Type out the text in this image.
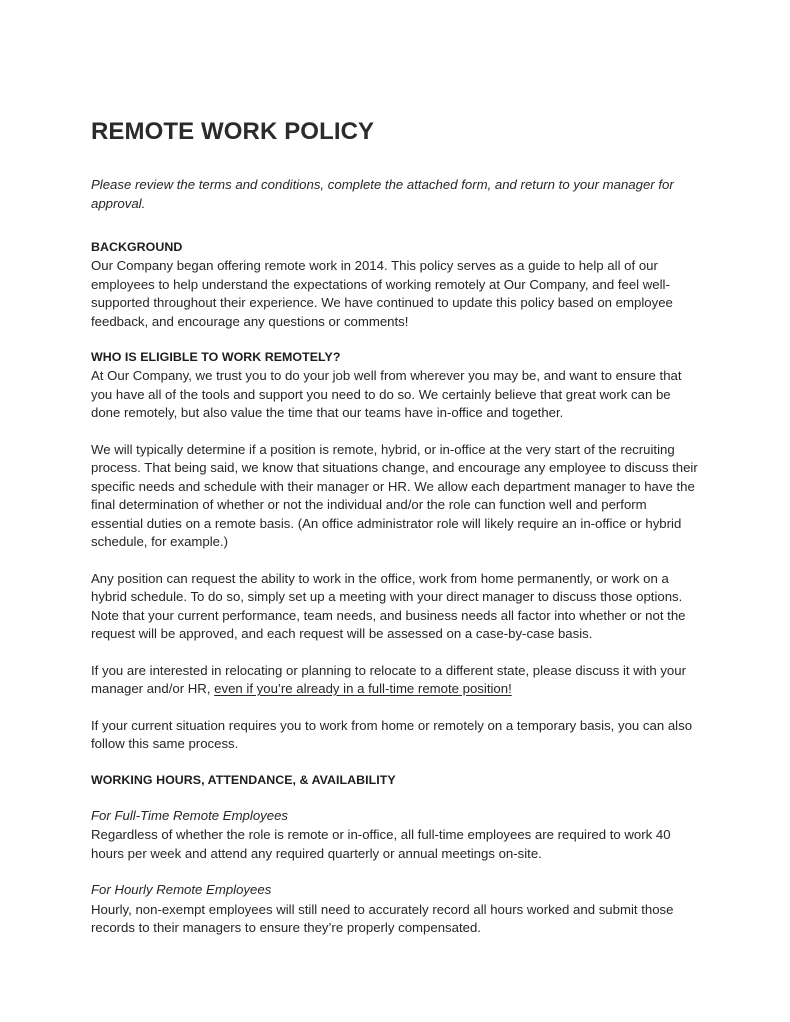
REMOTE WORK POLICY

Please review the terms and conditions, complete the attached form, and return to your manager for approval.

BACKGROUND

Our Company began offering remote work in 2014. This policy serves as a guide to help all of our employees to help understand the expectations of working remotely at Our Company, and feel well-supported throughout their experience. We have continued to update this policy based on employee feedback, and encourage any questions or comments!

WHO IS ELIGIBLE TO WORK REMOTELY?

At Our Company, we trust you to do your job well from wherever you may be, and want to ensure that you have all of the tools and support you need to do so. We certainly believe that great work can be done remotely, but also value the time that our teams have in-office and together.

We will typically determine if a position is remote, hybrid, or in-office at the very start of the recruiting process. That being said, we know that situations change, and encourage any employee to discuss their specific needs and schedule with their manager or HR. We allow each department manager to have the final determination of whether or not the individual and/or the role can function well and perform essential duties on a remote basis. (An office administrator role will likely require an in-office or hybrid schedule, for example.)

Any position can request the ability to work in the office, work from home permanently, or work on a hybrid schedule. To do so, simply set up a meeting with your direct manager to discuss those options. Note that your current performance, team needs, and business needs all factor into whether or not the request will be approved, and each request will be assessed on a case-by-case basis.

If you are interested in relocating or planning to relocate to a different state, please discuss it with your manager and/or HR, even if you’re already in a full-time remote position!

If your current situation requires you to work from home or remotely on a temporary basis, you can also follow this same process.

WORKING HOURS, ATTENDANCE, & AVAILABILITY
For Full-Time Remote Employees

Regardless of whether the role is remote or in-office, all full-time employees are required to work 40 hours per week and attend any required quarterly or annual meetings on-site.

For Hourly Remote Employees

Hourly, non-exempt employees will still need to accurately record all hours worked and submit those records to their managers to ensure they’re properly compensated.
